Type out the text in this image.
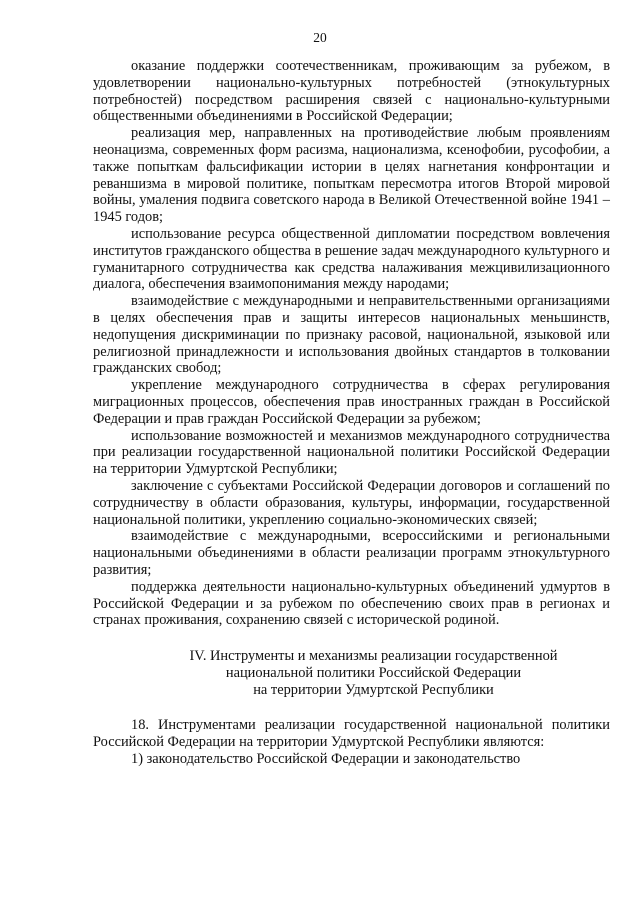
20

оказание поддержки соотечественникам, проживающим за рубежом, в удовлетворении национально-культурных потребностей (этнокультурных потребностей) посредством расширения связей с национально-культурными общественными объединениями в Российской Федерации;

реализация мер, направленных на противодействие любым проявлениям неонацизма, современных форм расизма, национализма, ксенофобии, русофобии, а также попыткам фальсификации истории в целях нагнетания конфронтации и реваншизма в мировой политике, попыткам пересмотра итогов Второй мировой войны, умаления подвига советского народа в Великой Отечественной войне 1941 – 1945 годов;

использование ресурса общественной дипломатии посредством вовлечения институтов гражданского общества в решение задач международного культурного и гуманитарного сотрудничества как средства налаживания межцивилизационного диалога, обеспечения взаимопонимания между народами;

взаимодействие с международными и неправительственными организациями в целях обеспечения прав и защиты интересов национальных меньшинств, недопущения дискриминации по признаку расовой, национальной, языковой или религиозной принадлежности и использования двойных стандартов в толковании гражданских свобод;

укрепление международного сотрудничества в сферах регулирования миграционных процессов, обеспечения прав иностранных граждан в Российской Федерации и прав граждан Российской Федерации за рубежом;

использование возможностей и механизмов международного сотрудничества при реализации государственной национальной политики Российской Федерации на территории Удмуртской Республики;

заключение с субъектами Российской Федерации договоров и соглашений по сотрудничеству в области образования, культуры, информации, государственной национальной политики, укреплению социально-экономических связей;

взаимодействие с международными, всероссийскими и региональными национальными объединениями в области реализации программ этнокультурного развития;

поддержка деятельности национально-культурных объединений удмуртов в Российской Федерации и за рубежом по обеспечению своих прав в регионах и странах проживания, сохранению связей с исторической родиной.

IV. Инструменты и механизмы реализации государственной
национальной политики Российской Федерации
на территории Удмуртской Республики

18. Инструментами реализации государственной национальной политики Российской Федерации на территории Удмуртской Республики являются:

1) законодательство Российской Федерации и законодательство
